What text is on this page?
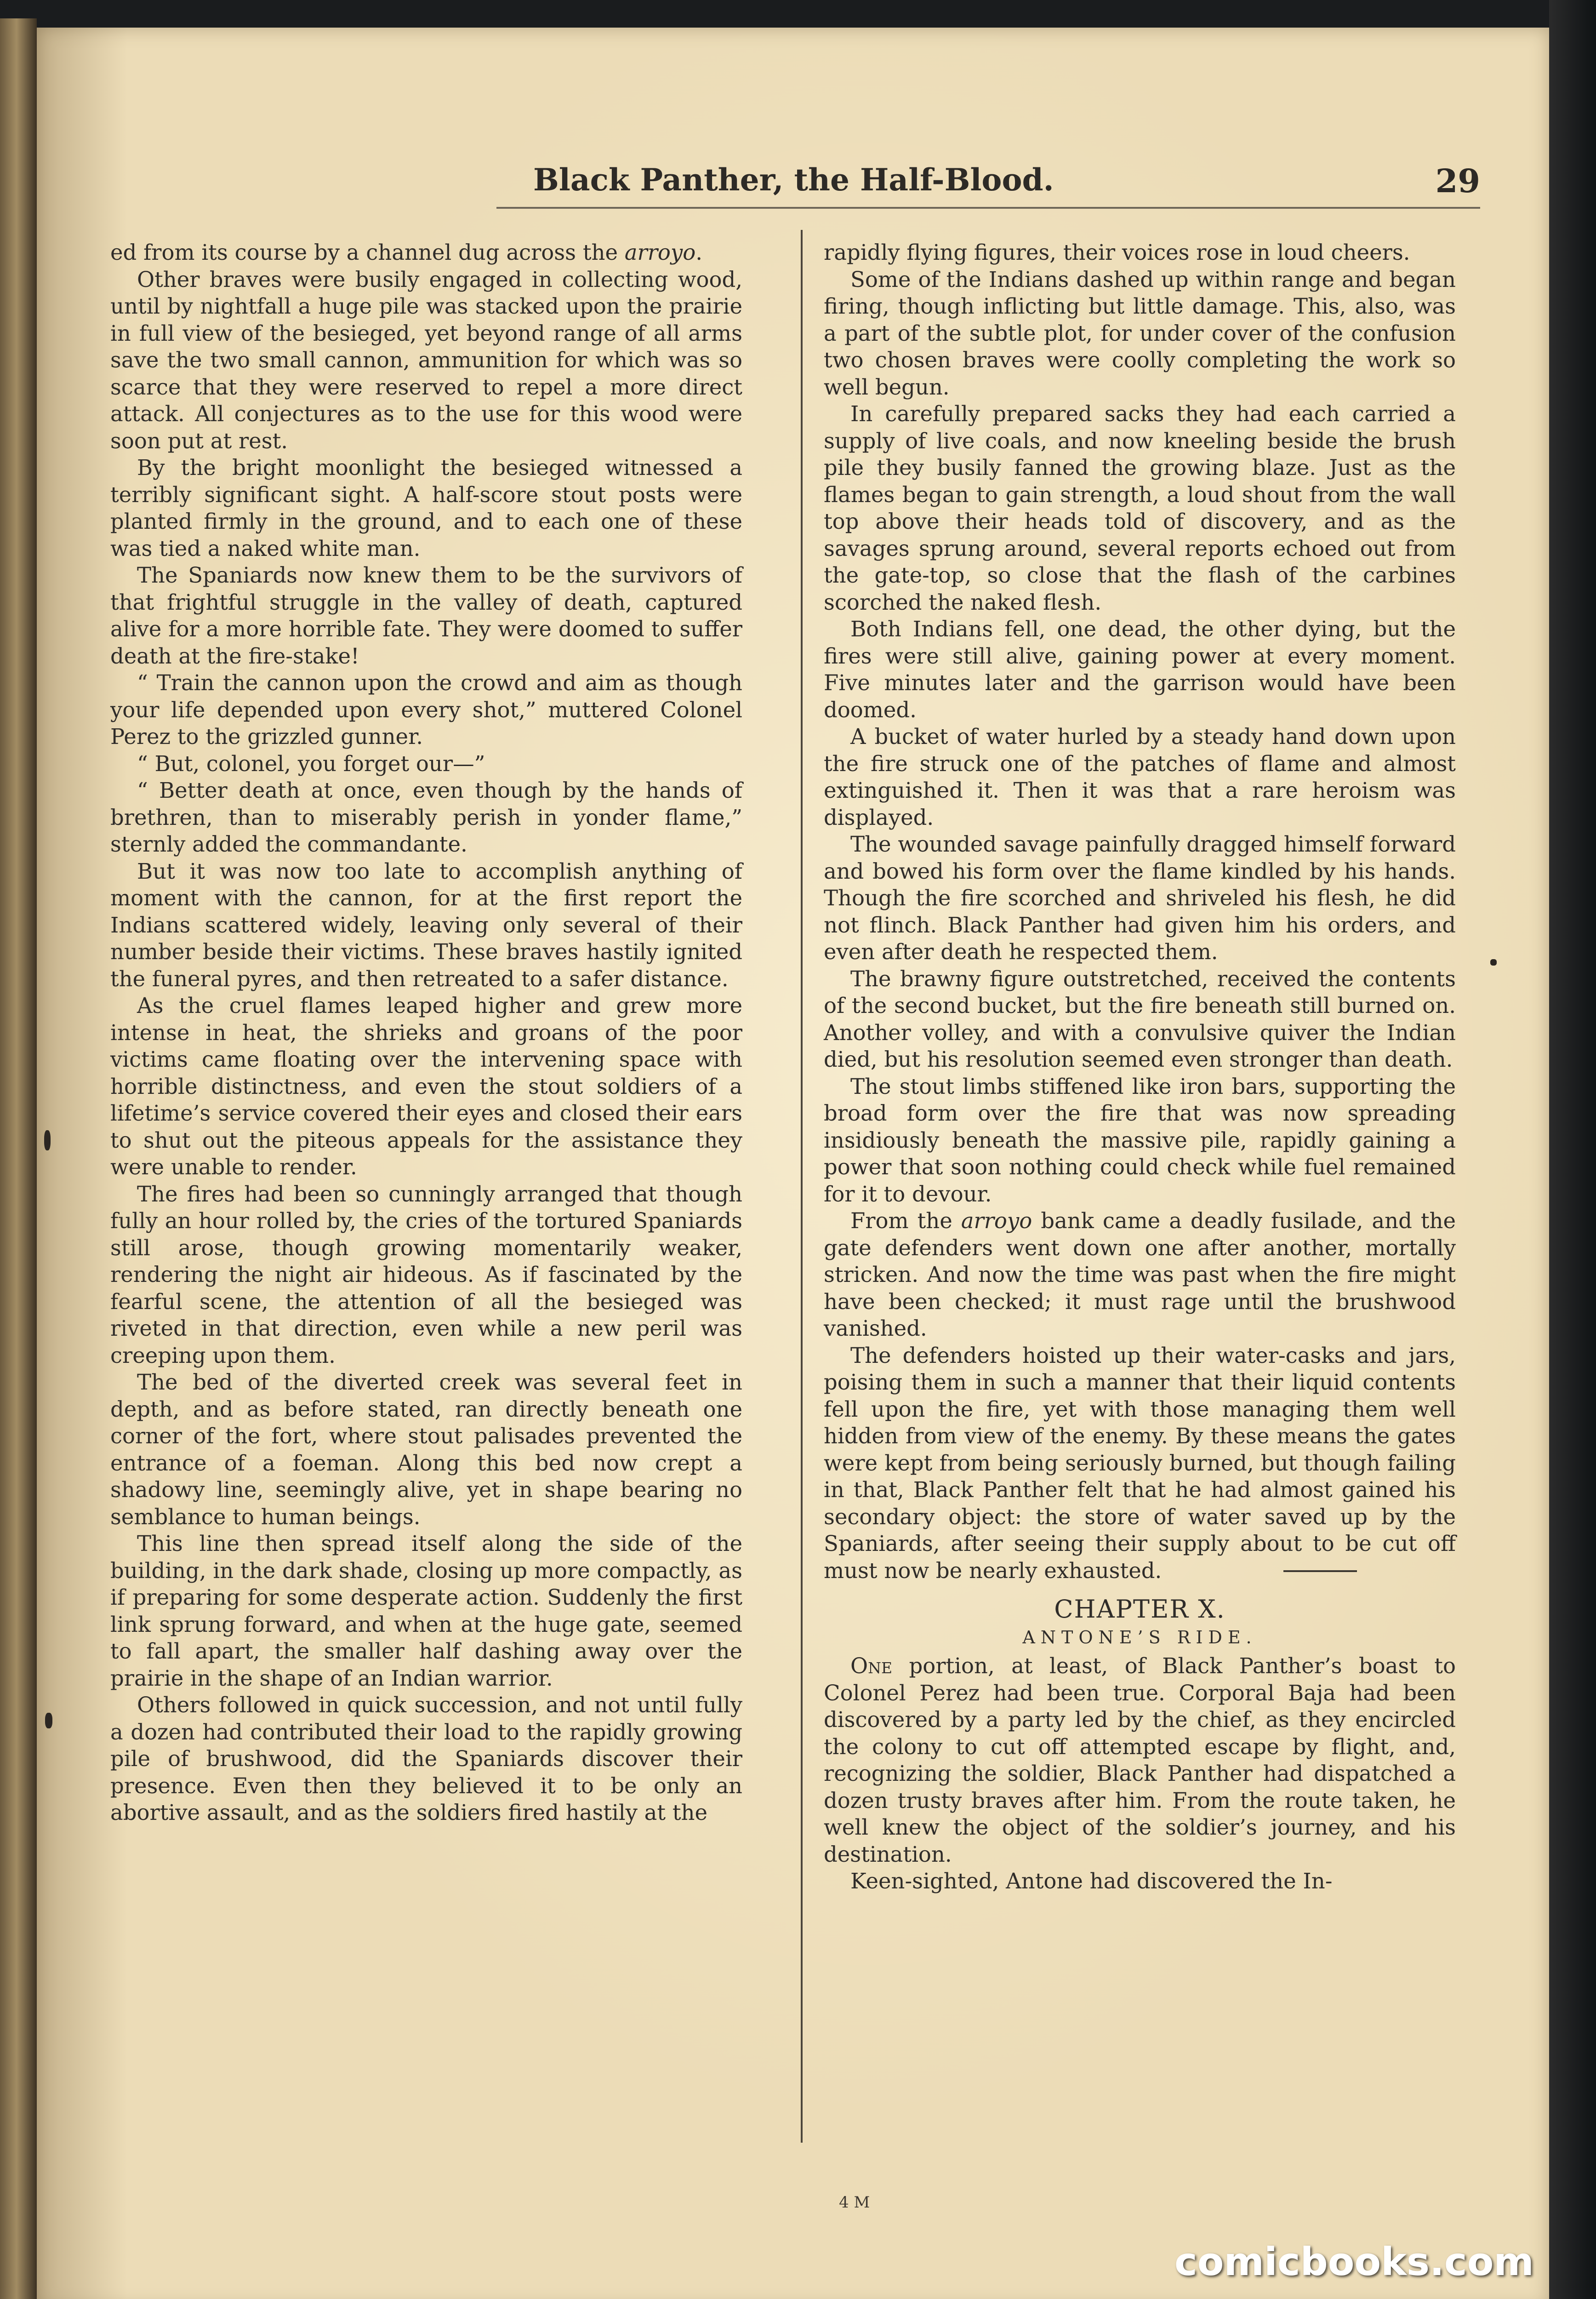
Black Panther, the Half-Blood.	29

ed from its course by a channel dug across the arroyo.

Other braves were busily engaged in collecting wood, until by nightfall a huge pile was stacked upon the prairie in full view of the besieged, yet beyond range of all arms save the two small cannon, ammunition for which was so scarce that they were reserved to repel a more direct attack. All conjectures as to the use for this wood were soon put at rest.

By the bright moonlight the besieged witnessed a terribly significant sight. A half-score stout posts were planted firmly in the ground, and to each one of these was tied a naked white man.

The Spaniards now knew them to be the survivors of that frightful struggle in the valley of death, captured alive for a more horrible fate. They were doomed to suffer death at the fire-stake!

“ Train the cannon upon the crowd and aim as though your life depended upon every shot,” muttered Colonel Perez to the grizzled gunner.

“ But, colonel, you forget our—”

“ Better death at once, even though by the hands of brethren, than to miserably perish in yonder flame,” sternly added the commandante.

But it was now too late to accomplish anything of moment with the cannon, for at the first report the Indians scattered widely, leaving only several of their number beside their victims. These braves hastily ignited the funeral pyres, and then retreated to a safer distance.

As the cruel flames leaped higher and grew more intense in heat, the shrieks and groans of the poor victims came floating over the intervening space with horrible distinctness, and even the stout soldiers of a lifetime’s service covered their eyes and closed their ears to shut out the piteous appeals for the assistance they were unable to render.

The fires had been so cunningly arranged that though fully an hour rolled by, the cries of the tortured Spaniards still arose, though growing momentarily weaker, rendering the night air hideous. As if fascinated by the fearful scene, the attention of all the besieged was riveted in that direction, even while a new peril was creeping upon them.

The bed of the diverted creek was several feet in depth, and as before stated, ran directly beneath one corner of the fort, where stout palisades prevented the entrance of a foeman. Along this bed now crept a shadowy line, seemingly alive, yet in shape bearing no semblance to human beings.

This line then spread itself along the side of the building, in the dark shade, closing up more compactly, as if preparing for some desperate action. Suddenly the first link sprung forward, and when at the huge gate, seemed to fall apart, the smaller half dashing away over the prairie in the shape of an Indian warrior.

Others followed in quick succession, and not until fully a dozen had contributed their load to the rapidly growing pile of brushwood, did the Spaniards discover their presence. Even then they believed it to be only an abortive assault, and as the soldiers fired hastily at the

rapidly flying figures, their voices rose in loud cheers.

Some of the Indians dashed up within range and began firing, though inflicting but little damage. This, also, was a part of the subtle plot, for under cover of the confusion two chosen braves were coolly completing the work so well begun.

In carefully prepared sacks they had each carried a supply of live coals, and now kneeling beside the brush pile they busily fanned the growing blaze. Just as the flames began to gain strength, a loud shout from the wall top above their heads told of discovery, and as the savages sprung around, several reports echoed out from the gate-top, so close that the flash of the carbines scorched the naked flesh.

Both Indians fell, one dead, the other dying, but the fires were still alive, gaining power at every moment. Five minutes later and the garrison would have been doomed.

A bucket of water hurled by a steady hand down upon the fire struck one of the patches of flame and almost extinguished it. Then it was that a rare heroism was displayed.

The wounded savage painfully dragged himself forward and bowed his form over the flame kindled by his hands. Though the fire scorched and shriveled his flesh, he did not flinch. Black Panther had given him his orders, and even after death he respected them.

The brawny figure outstretched, received the contents of the second bucket, but the fire beneath still burned on. Another volley, and with a convulsive quiver the Indian died, but his resolution seemed even stronger than death.

The stout limbs stiffened like iron bars, supporting the broad form over the fire that was now spreading insidiously beneath the massive pile, rapidly gaining a power that soon nothing could check while fuel remained for it to devour.

From the arroyo bank came a deadly fusilade, and the gate defenders went down one after another, mortally stricken. And now the time was past when the fire might have been checked; it must rage until the brushwood vanished.

The defenders hoisted up their water-casks and jars, poising them in such a manner that their liquid contents fell upon the fire, yet with those managing them well hidden from view of the enemy. By these means the gates were kept from being seriously burned, but though failing in that, Black Panther felt that he had almost gained his secondary object: the store of water saved up by the Spaniards, after seeing their supply about to be cut off must now be nearly exhausted.

CHAPTER X.
ANTONE’S RIDE.

One portion, at least, of Black Panther’s boast to Colonel Perez had been true. Corporal Baja had been discovered by a party led by the chief, as they encircled the colony to cut off attempted escape by flight, and, recognizing the soldier, Black Panther had dispatched a dozen trusty braves after him. From the route taken, he well knew the object of the soldier’s journey, and his destination.

Keen-sighted, Antone had discovered the In-

4 M
comicbooks.com
